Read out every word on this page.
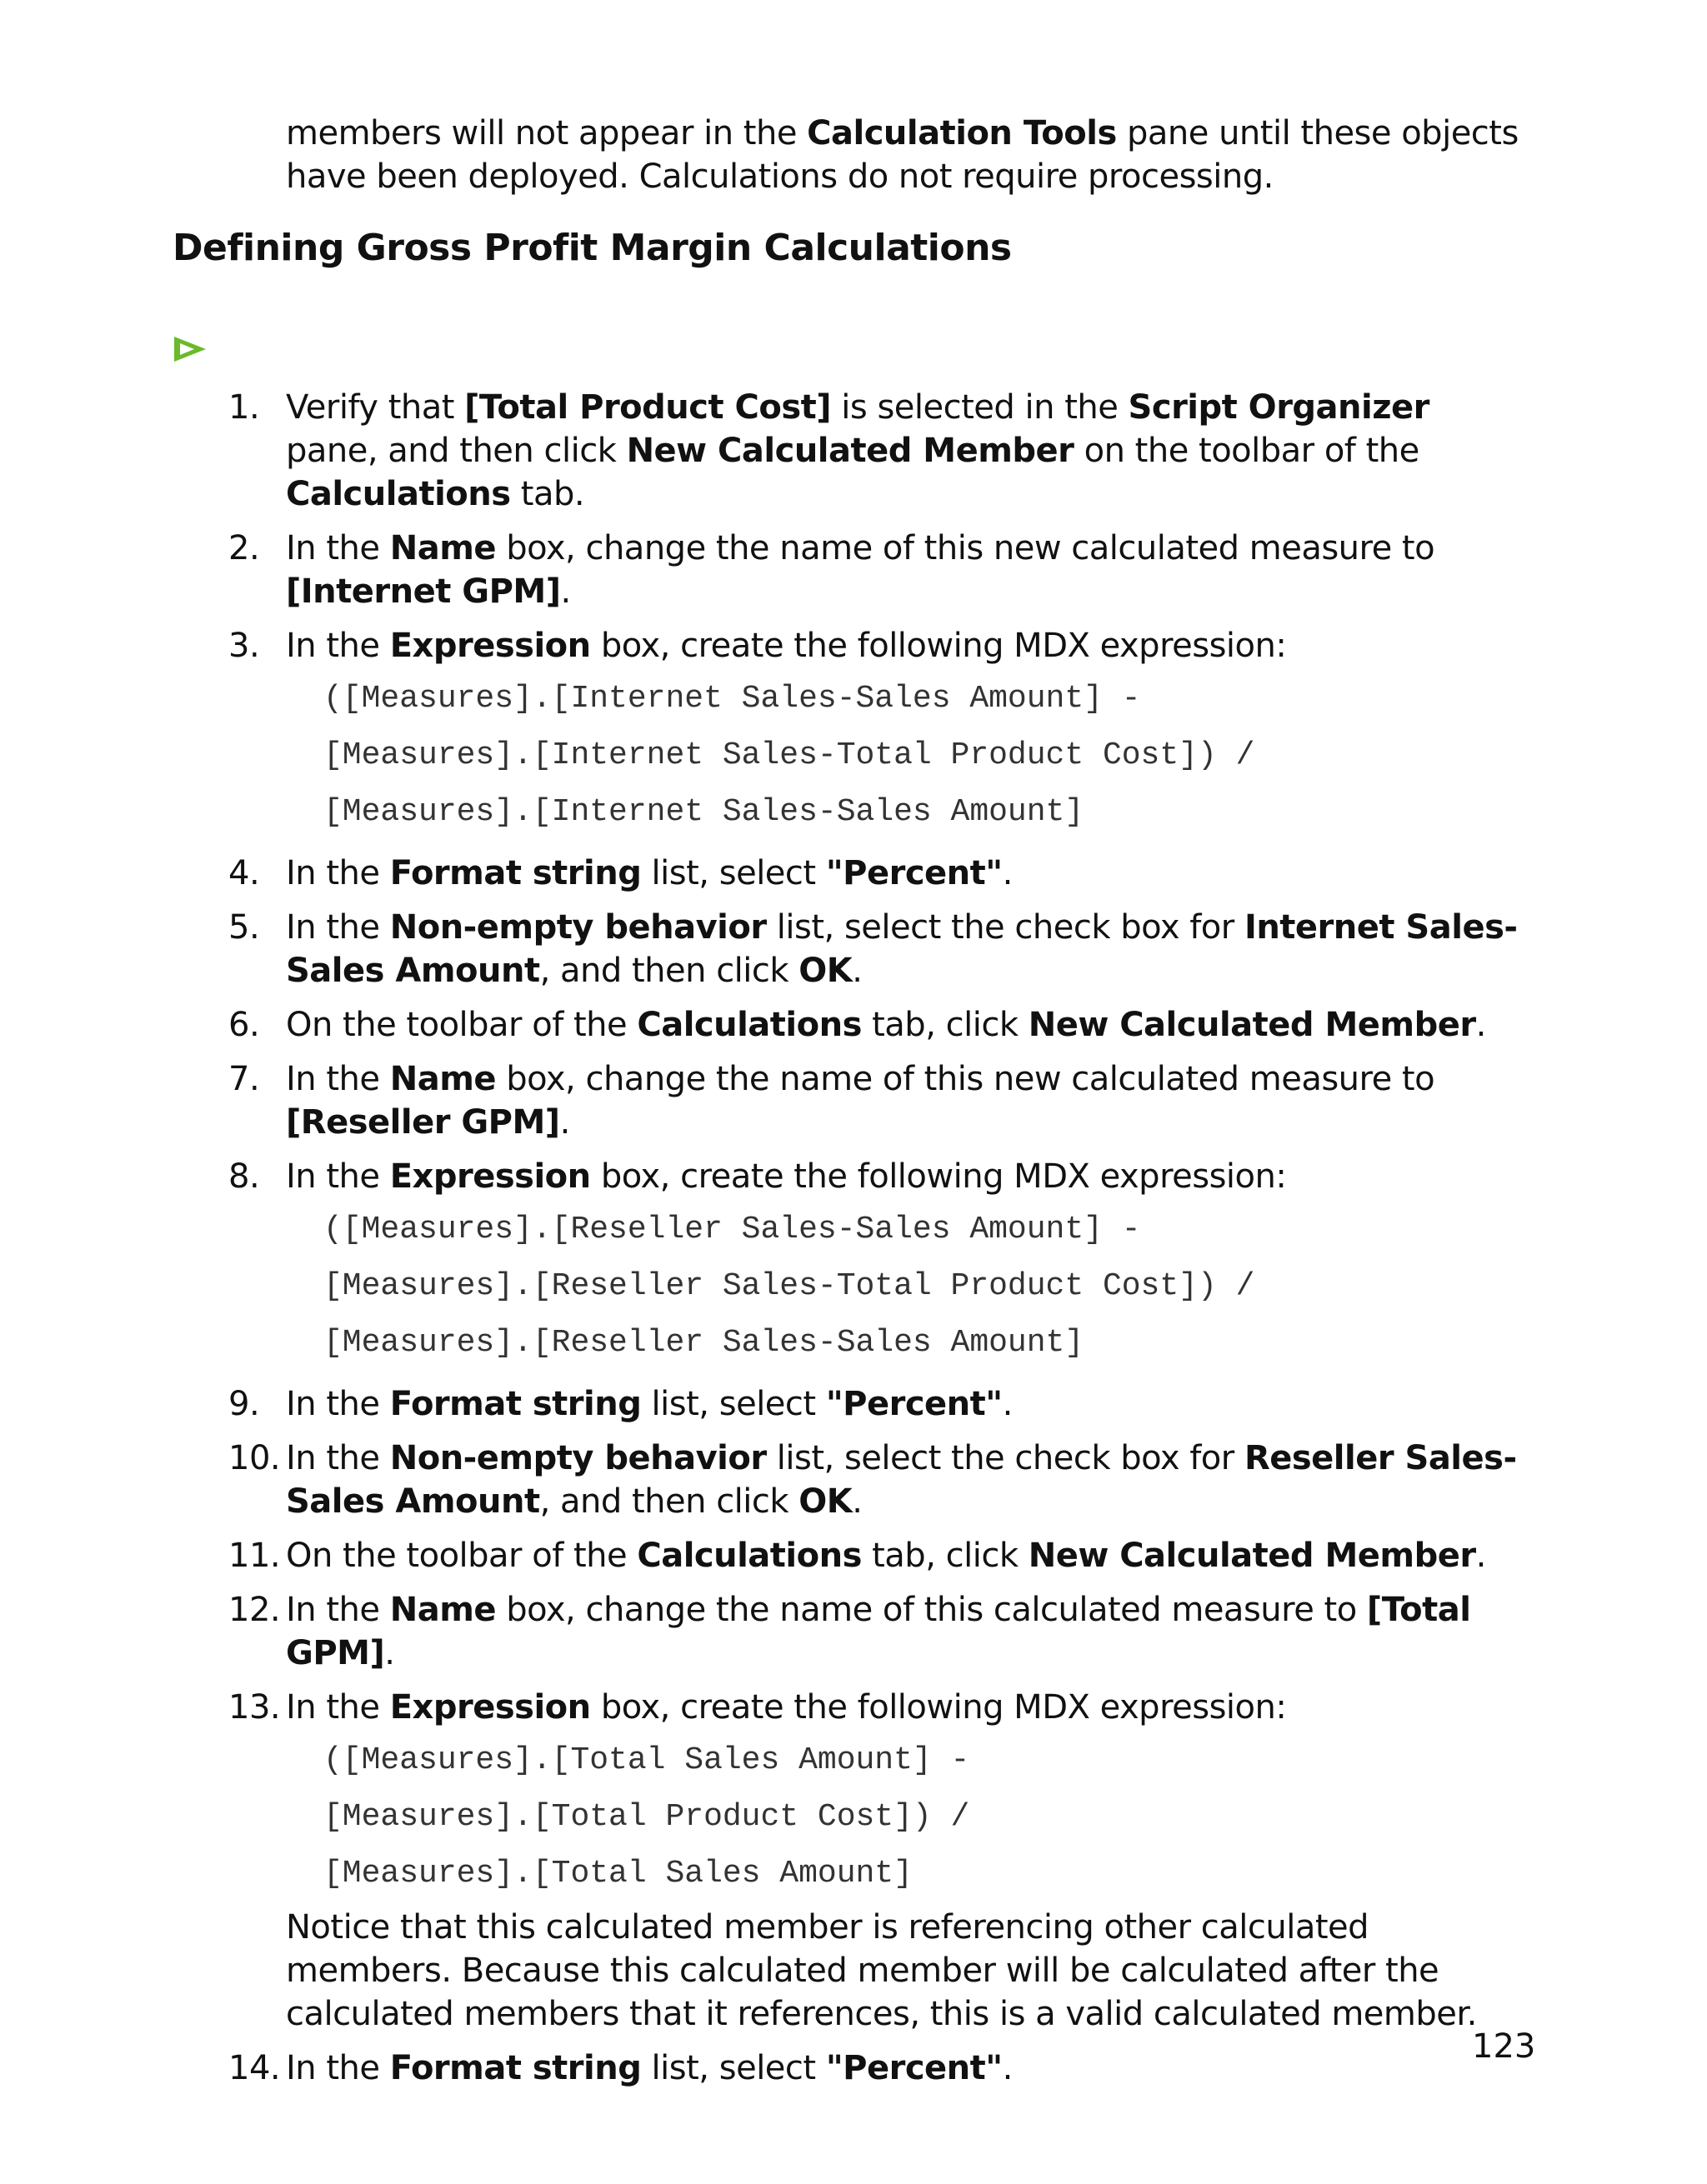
members will not appear in the Calculation Tools pane until these objects have been deployed. Calculations do not require processing.
Defining Gross Profit Margin Calculations
1. Verify that [Total Product Cost] is selected in the Script Organizer pane, and then click New Calculated Member on the toolbar of the Calculations tab.
2. In the Name box, change the name of this new calculated measure to [Internet GPM].
3. In the Expression box, create the following MDX expression:
([Measures].[Internet Sales-Sales Amount] -
[Measures].[Internet Sales-Total Product Cost]) /
[Measures].[Internet Sales-Sales Amount]
4. In the Format string list, select "Percent".
5. In the Non-empty behavior list, select the check box for Internet Sales-Sales Amount, and then click OK.
6. On the toolbar of the Calculations tab, click New Calculated Member.
7. In the Name box, change the name of this new calculated measure to [Reseller GPM].
8. In the Expression box, create the following MDX expression:
([Measures].[Reseller Sales-Sales Amount] -
[Measures].[Reseller Sales-Total Product Cost]) /
[Measures].[Reseller Sales-Sales Amount]
9. In the Format string list, select "Percent".
10. In the Non-empty behavior list, select the check box for Reseller Sales-Sales Amount, and then click OK.
11. On the toolbar of the Calculations tab, click New Calculated Member.
12. In the Name box, change the name of this calculated measure to [Total GPM].
13. In the Expression box, create the following MDX expression:
([Measures].[Total Sales Amount] -
[Measures].[Total Product Cost]) /
[Measures].[Total Sales Amount]
Notice that this calculated member is referencing other calculated members. Because this calculated member will be calculated after the calculated members that it references, this is a valid calculated member.
14. In the Format string list, select "Percent".
123
